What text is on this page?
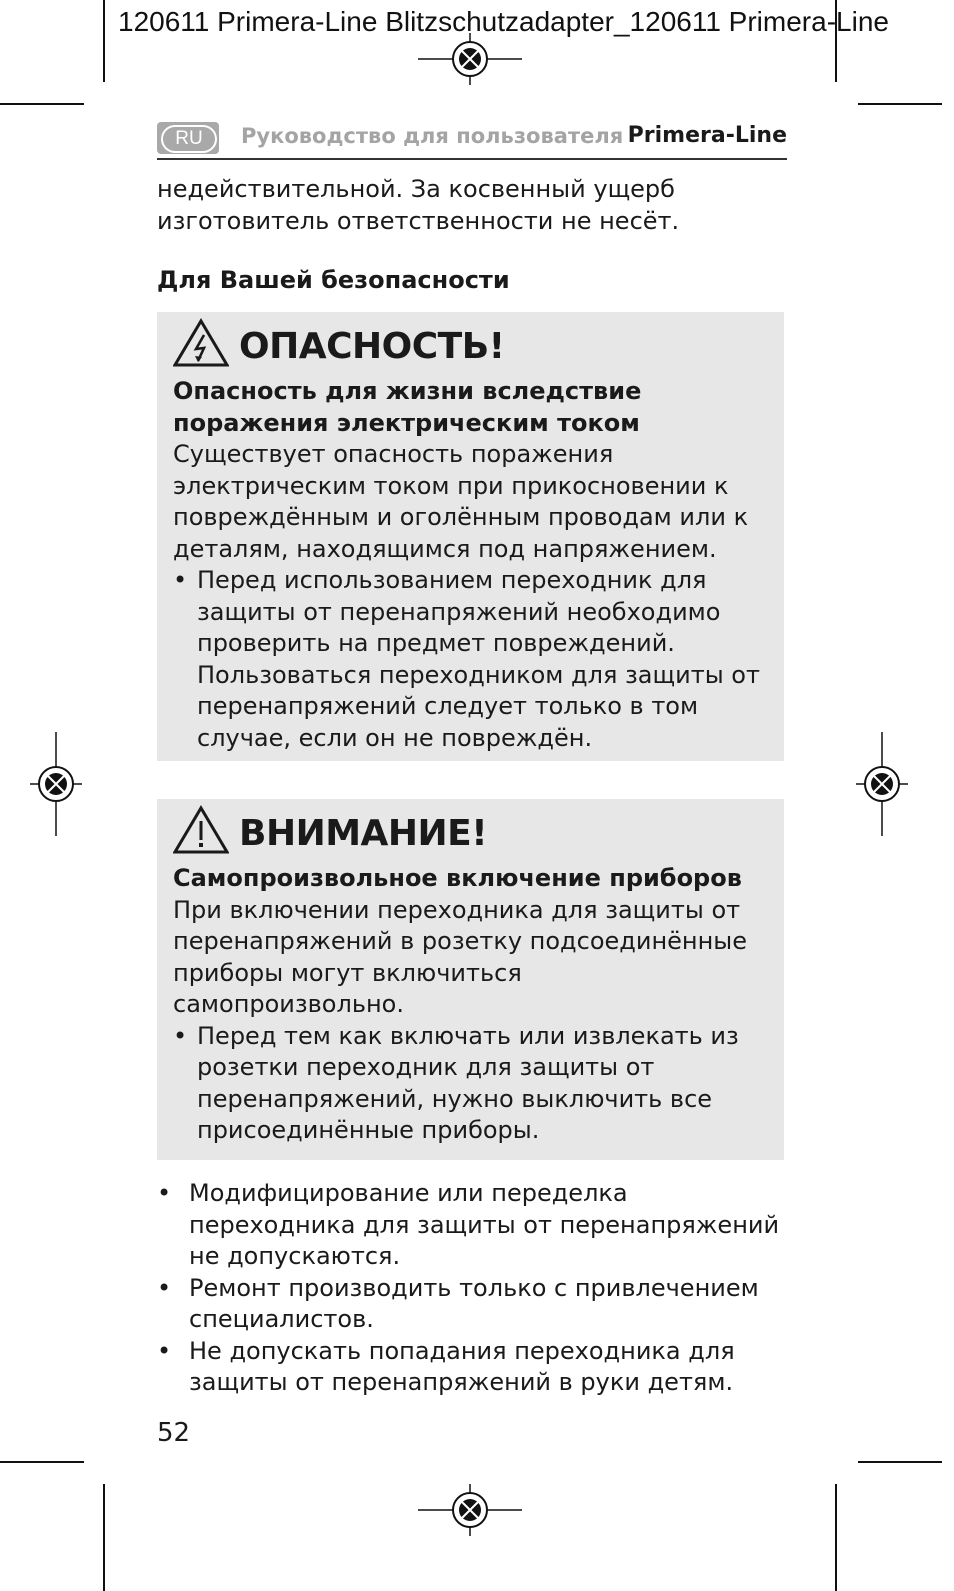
120611 Primera-Line Blitzschutzadapter_120611 Primera-Line
RU	Руководство для пользователя Primera-Line

недействительной. За косвенный ущерб

изготовитель ответственности не несёт.

Для Вашей безопасности
ОПАСНОСТЬ!
Опасность для жизни вследствие
поражения электрическим током
Существует опасность поражения
электрическим током при прикосновении к
повреждённым и оголённым проводам или к
деталям, находящимся под напряжением.
• Перед использованием переходник для
защиты от перенапряжений необходимо
проверить на предмет повреждений.
Пользоваться переходником для защиты от
перенапряжений следует только в том
случае, если он не повреждён.
ВНИМАНИЕ!
Самопроизвольное включение приборов
При включении переходника для защиты от
перенапряжений в розетку подсоединённые
приборы могут включиться
самопроизвольно.
• Перед тем как включать или извлекать из
розетки переходник для защиты от
перенапряжений, нужно выключить все
присоединённые приборы.
• Модифицирование или переделка
переходника для защиты от перенапряжений
не допускаются.
• Ремонт производить только с привлечением
специалистов.
• Не допускать попадания переходника для
защиты от перенапряжений в руки детям.
52
